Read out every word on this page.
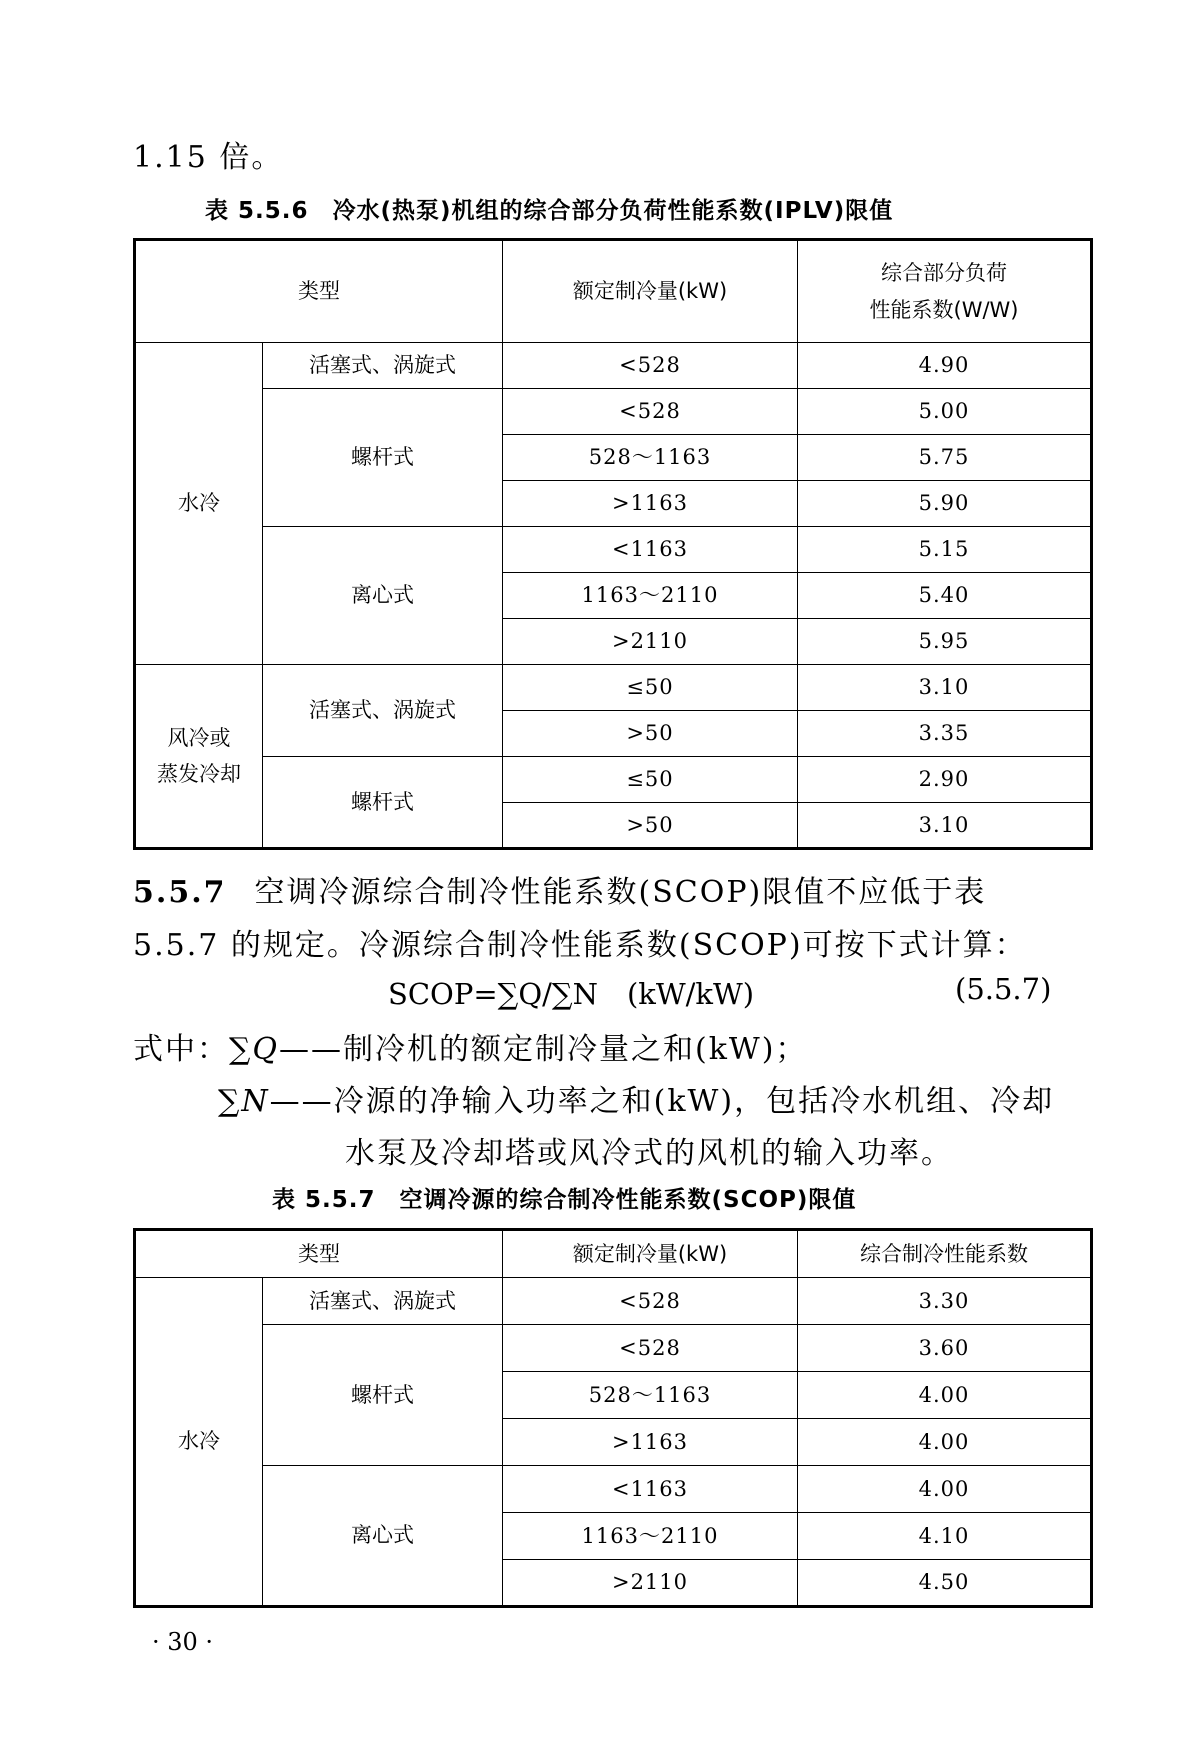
1.15 倍。
表 5.5.6　冷水(热泵)机组的综合部分负荷性能系数(IPLV)限值
类型		额定制冷量(kW)	综合部分负荷
性能系数(W/W)

水冷	活塞式、涡旋式	<528	4.90
	螺杆式	<528	5.00
		528～1163	5.75
		>1163	5.90
	离心式	<1163	5.15
		1163～2110	5.40
		>2110	5.95

风冷或
蒸发冷却	活塞式、涡旋式	≤50	3.10
		>50	3.35
	螺杆式	≤50	2.90
		>50	3.10
5.5.7 空调冷源综合制冷性能系数(SCOP)限值不应低于表
5.5.7 的规定。冷源综合制冷性能系数(SCOP)可按下式计算：
SCOP=∑Q/∑N　(kW/kW)	(5.5.7)
式中：∑Q——制冷机的额定制冷量之和(kW)；
∑N——冷源的净输入功率之和(kW)，包括冷水机组、冷却
水泵及冷却塔或风冷式的风机的输入功率。
表 5.5.7　空调冷源的综合制冷性能系数(SCOP)限值
类型		额定制冷量(kW)	综合制冷性能系数
水冷	活塞式、涡旋式	<528	3.30
	螺杆式	<528	3.60
		528～1163	4.00
		>1163	4.00
	离心式	<1163	4.00
		1163～2110	4.10
		>2110	4.50
· 30 ·
